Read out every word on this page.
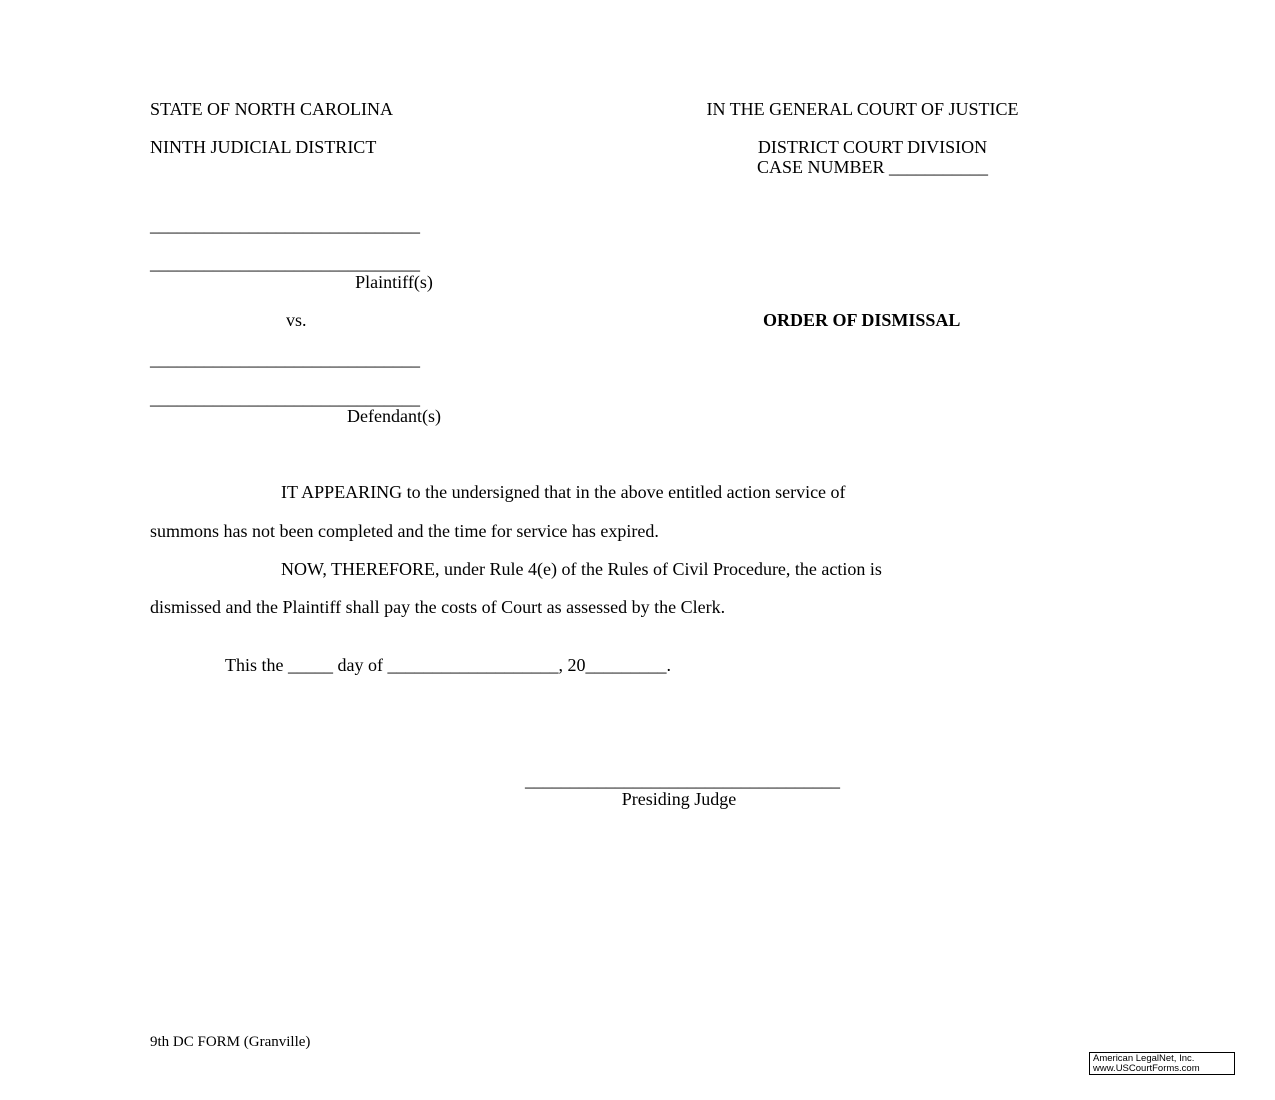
STATE OF NORTH CAROLINA
NINTH JUDICIAL DISTRICT
IN THE GENERAL COURT OF JUSTICE
DISTRICT COURT DIVISION
CASE NUMBER ___________
______________________________
______________________________
Plaintiff(s)
vs.	ORDER OF DISMISSAL
______________________________
______________________________
Defendant(s)
IT APPEARING to the undersigned that in the above entitled action service of
summons has not been completed and the time for service has expired.
NOW, THEREFORE, under Rule 4(e) of the Rules of Civil Procedure, the action is
dismissed and the Plaintiff shall pay the costs of Court as assessed by the Clerk.
This the _____ day of ___________________, 20_________.
___________________________________
Presiding Judge
9th DC FORM (Granville)
American LegalNet, Inc.
www.USCourtForms.com
